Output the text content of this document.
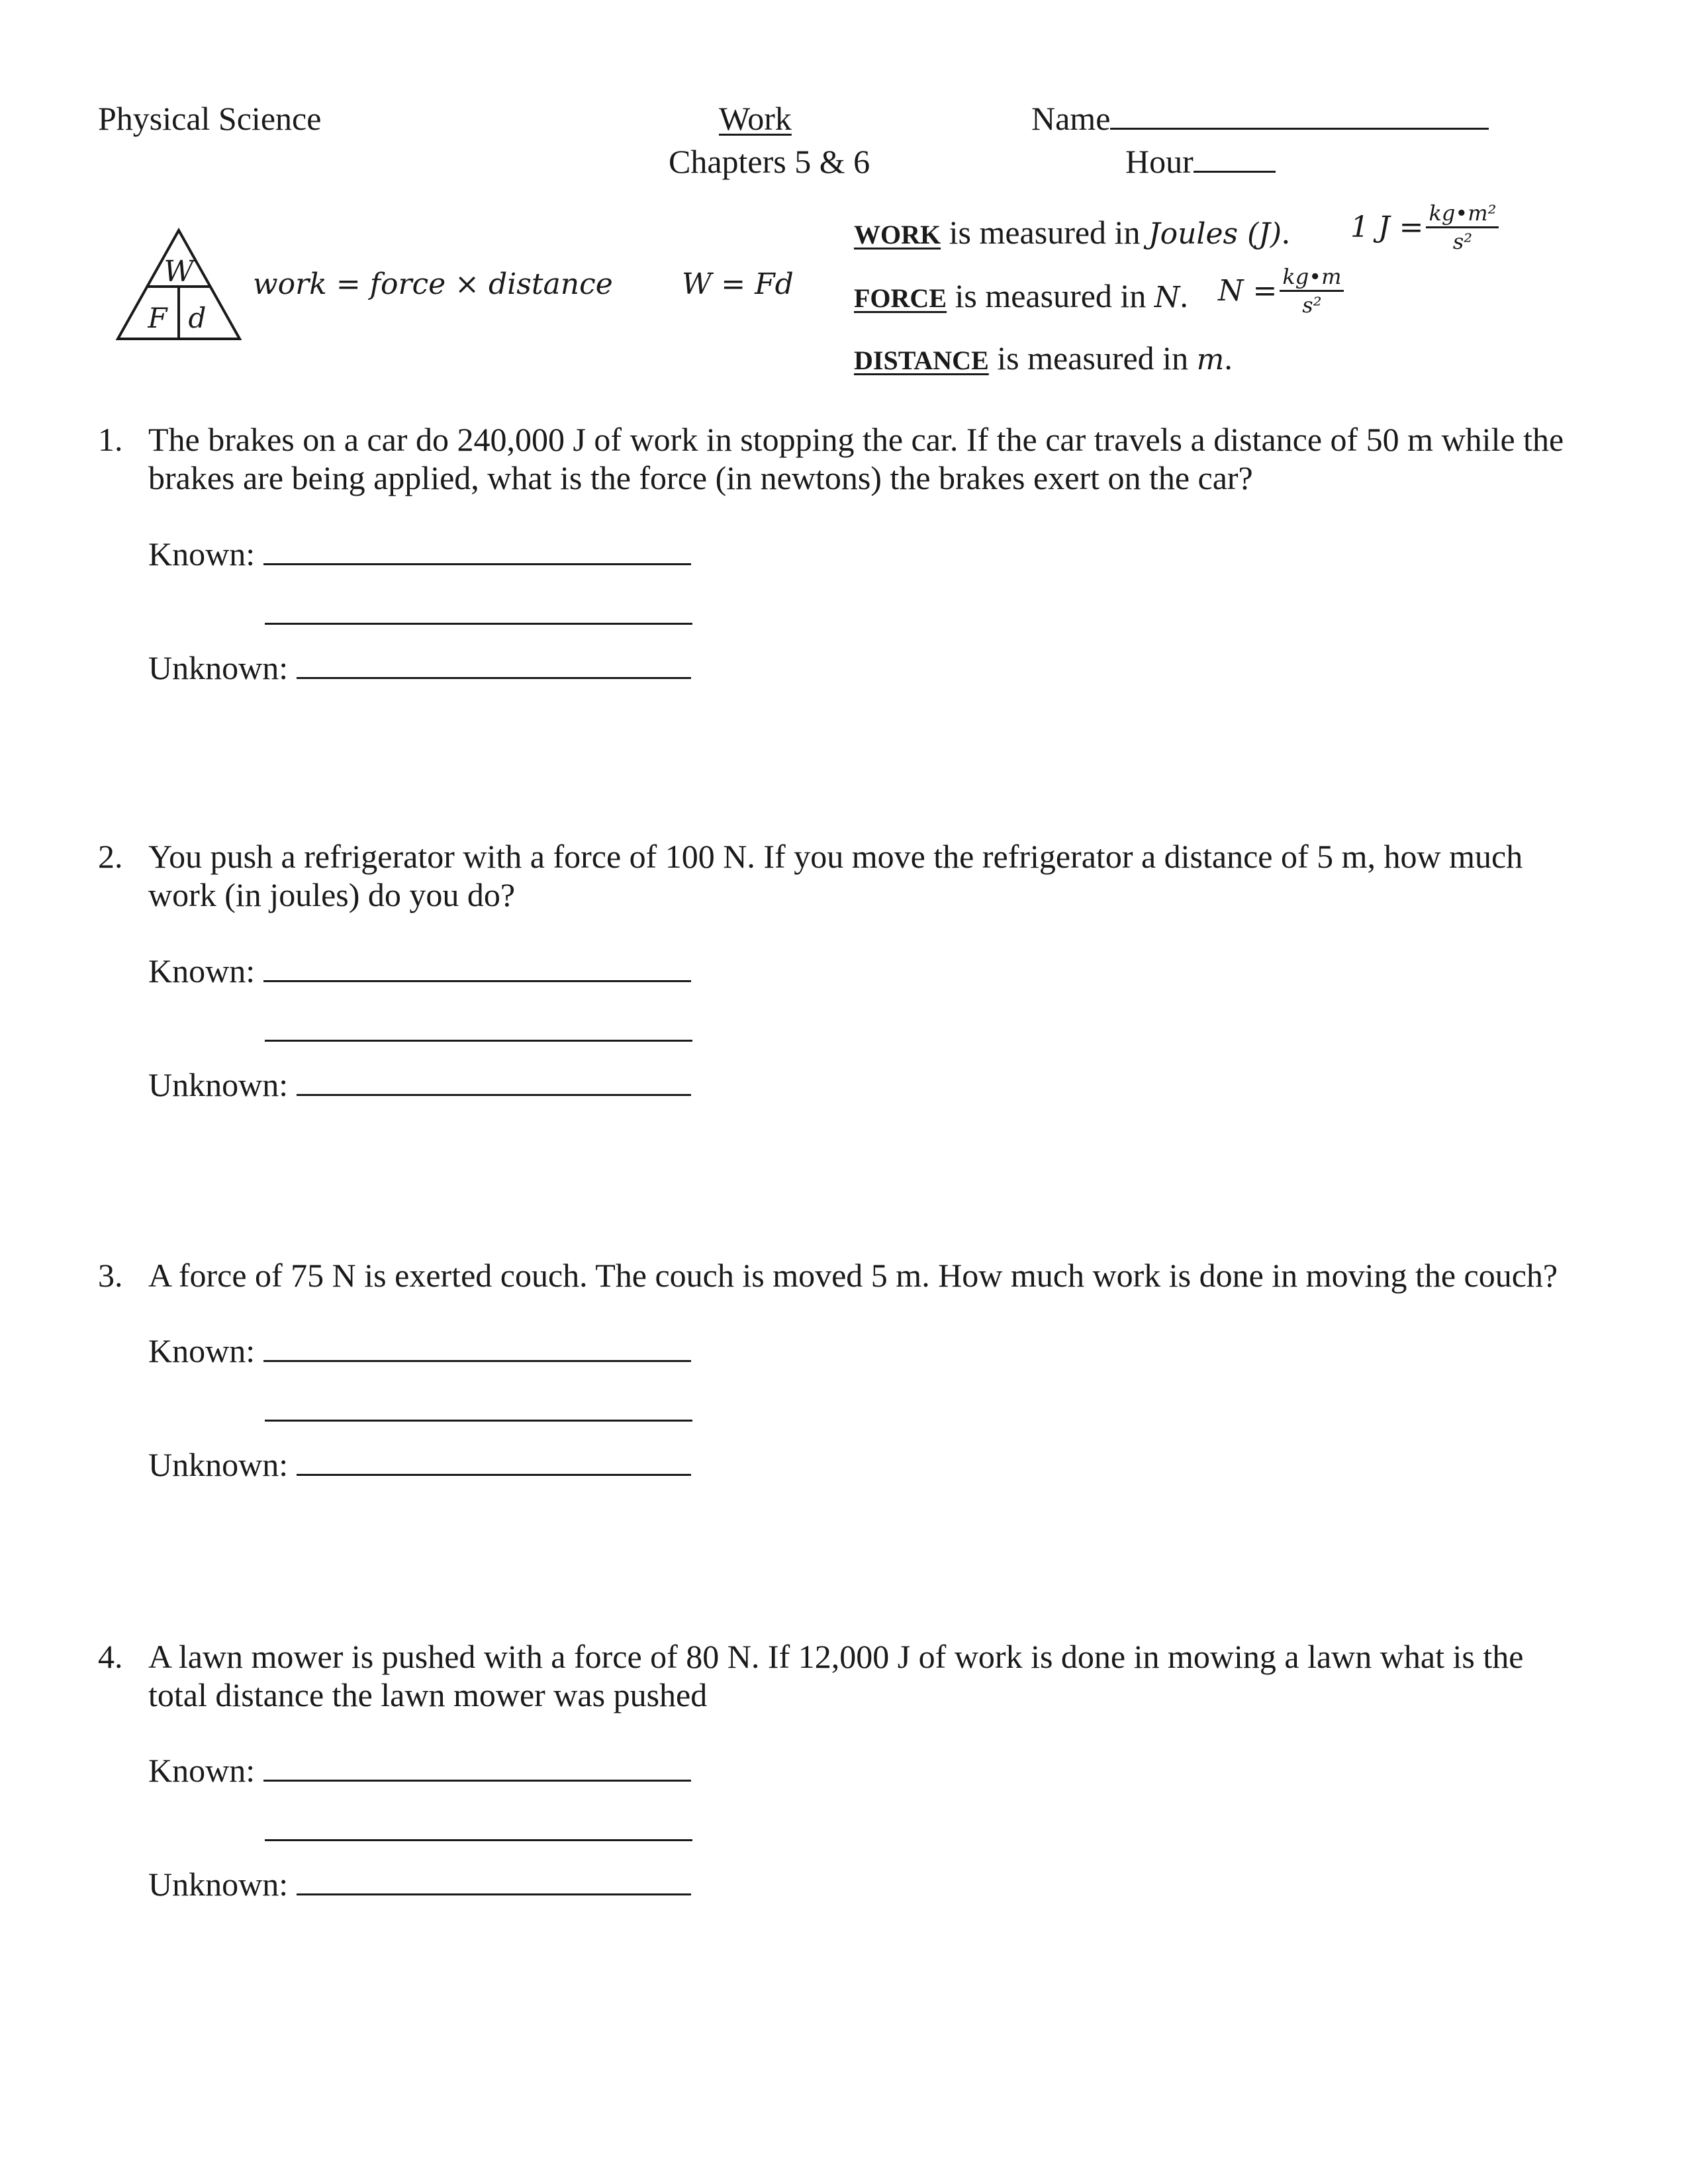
Physical Science	Work
Chapters 5 & 6
Name
Hour
W
F d
work = force × distance W = Fd
WORK is measured in Joules (J). 1 $J = \frac{\text{kg•m²}}{\text{s²}}$
FORCE is measured in N. $N = \frac{kg•m}{\text{s²}}$
DISTANCE is measured in m.
1. The brakes on a car do 240,000 J of work in stopping the car. If the car travels a distance of 50 m while the
brakes are being applied, what is the force (in newtons) the brakes exert on the car?
Known:
Unknown:
2. You push a refrigerator with a force of 100 N. If you move the refrigerator a distance of 5 m, how much
work (in joules) do you do?
Known:
Unknown:
3. A force of 75 N is exerted couch. The couch is moved 5 m. How much work is done in moving the couch?
Known:
Unknown:
4. A lawn mower is pushed with a force of 80 N. If 12,000 J of work is done in mowing a lawn what is the
total distance the lawn mower was pushed
Known:
Unknown:
